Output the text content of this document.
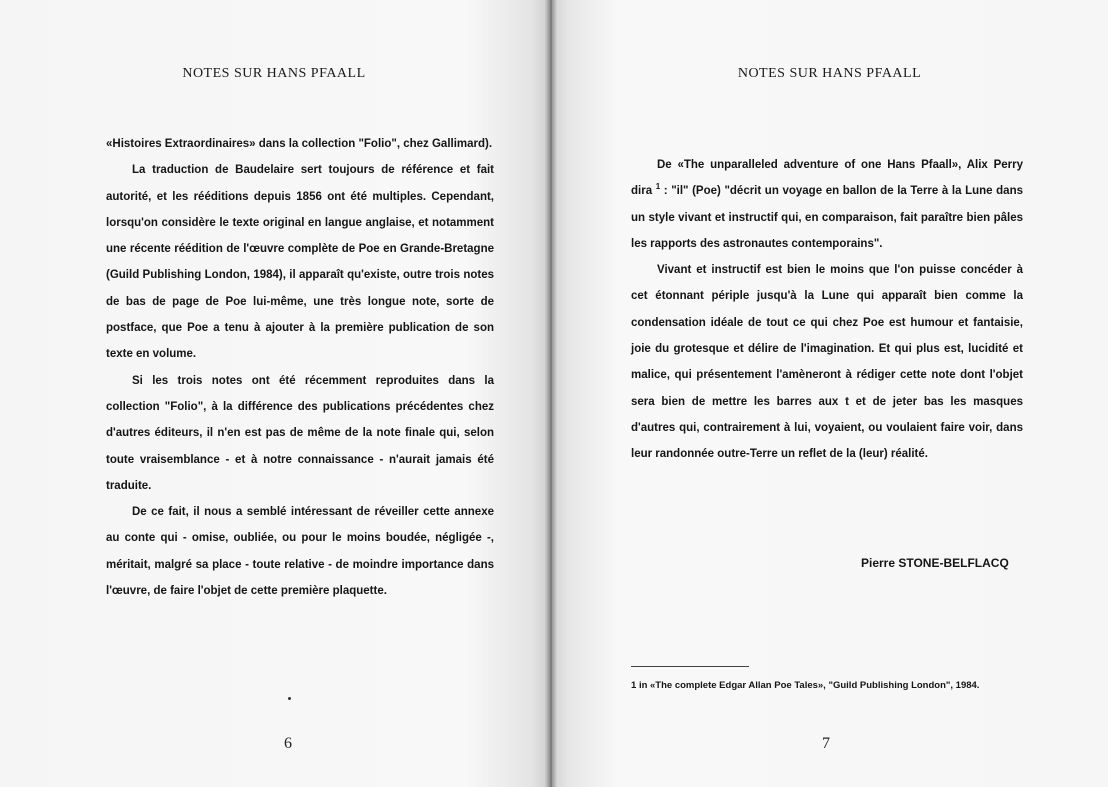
NOTES SUR HANS PFAALL

«Histoires Extraordinaires» dans la collection "Folio", chez Gallimard).

La traduction de Baudelaire sert toujours de référence et fait autorité, et les rééditions depuis 1856 ont été multiples. Cependant, lorsqu'on considère le texte original en langue anglaise, et notamment une récente réédition de l'œuvre complète de Poe en Grande-Bretagne (Guild Publishing London, 1984), il apparaît qu'existe, outre trois notes de bas de page de Poe lui-même, une très longue note, sorte de postface, que Poe a tenu à ajouter à la première publication de son texte en volume.

Si les trois notes ont été récemment reproduites dans la collection "Folio", à la différence des publications précédentes chez d'autres éditeurs, il n'en est pas de même de la note finale qui, selon toute vraisemblance - et à notre connaissance - n'aurait jamais été traduite.

De ce fait, il nous a semblé intéressant de réveiller cette annexe au conte qui - omise, oubliée, ou pour le moins boudée, négligée -, méritait, malgré sa place - toute relative - de moindre importance dans l'œuvre, de faire l'objet de cette première plaquette.

6
NOTES SUR HANS PFAALL

De «The unparalleled adventure of one Hans Pfaall», Alix Perry dira $^1$ : "il" (Poe) "décrit un voyage en ballon de la Terre à la Lune dans un style vivant et instructif qui, en comparaison, fait paraître bien pâles les rapports des astronautes contemporains".

Vivant et instructif est bien le moins que l'on puisse concéder à cet étonnant périple jusqu'à la Lune qui apparaît bien comme la condensation idéale de tout ce qui chez Poe est humour et fantaisie, joie du grotesque et délire de l'imagination. Et qui plus est, lucidité et malice, qui présentement l'amèneront à rédiger cette note dont l'objet sera bien de mettre les barres aux t et de jeter bas les masques d'autres qui, contrairement à lui, voyaient, ou voulaient faire voir, dans leur randonnée outre-Terre un reflet de la (leur) réalité.

Pierre STONE-BELFLACQ
1 in «The complete Edgar Allan Poe Tales», "Guild Publishing London", 1984.
7
